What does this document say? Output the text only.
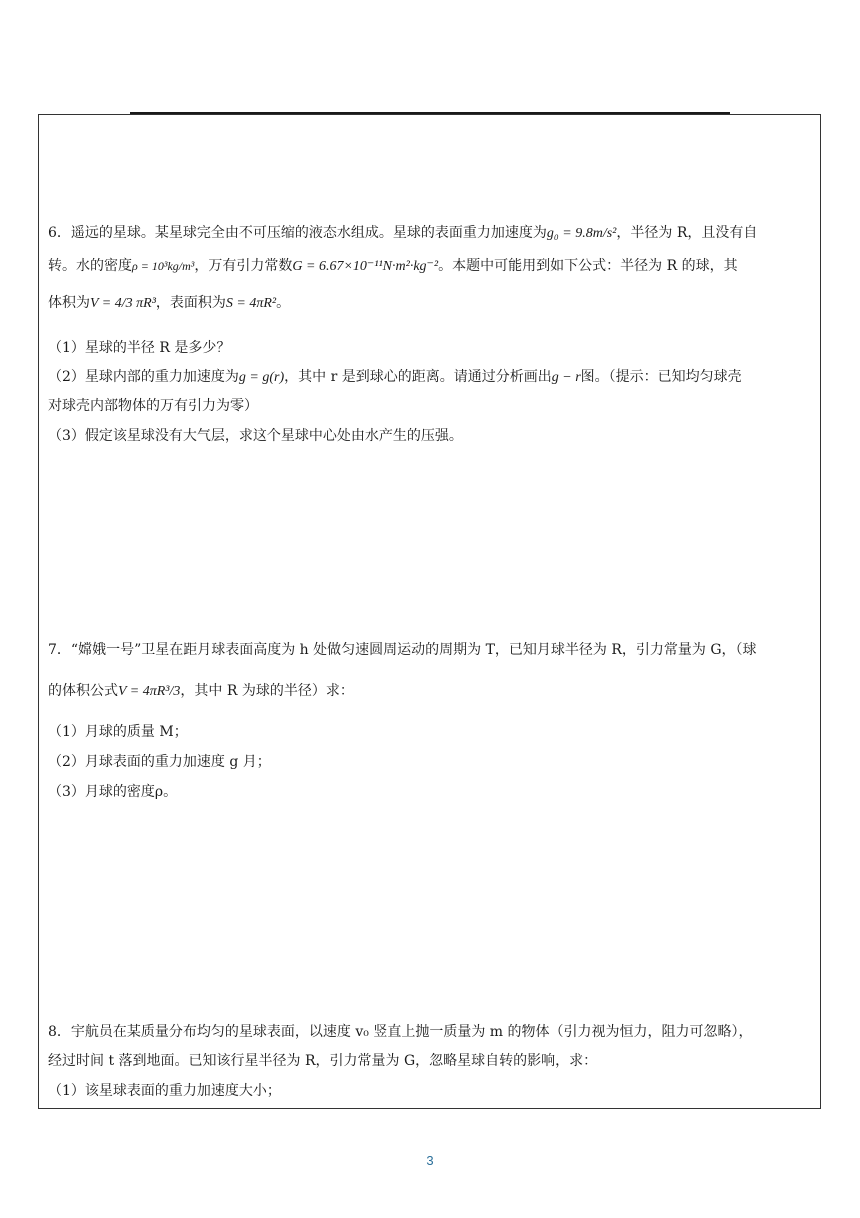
6．遥远的星球。某星球完全由不可压缩的液态水组成。星球的表面重力加速度为g₀ = 9.8m/s²，半径为 R，且没有自
转。水的密度ρ = 10³kg/m³，万有引力常数G = 6.67×10⁻¹¹N·m²·kg⁻²。本题中可能用到如下公式：半径为 R 的球，其
体积为V = 4/3 πR³，表面积为S = 4πR²。
（1）星球的半径 R 是多少？
（2）星球内部的重力加速度为g = g(r)，其中 r 是到球心的距离。请通过分析画出g − r图。（提示：已知均匀球壳
对球壳内部物体的万有引力为零）
（3）假定该星球没有大气层，求这个星球中心处由水产生的压强。
7．“嫦娥一号”卫星在距月球表面高度为 h 处做匀速圆周运动的周期为 T，已知月球半径为 R，引力常量为 G，（球
的体积公式V = 4πR³/3，其中 R 为球的半径）求：
（1）月球的质量 M；
（2）月球表面的重力加速度 g 月；
（3）月球的密度ρ。
8．宇航员在某质量分布均匀的星球表面，以速度 v₀ 竖直上抛一质量为 m 的物体（引力视为恒力，阻力可忽略），
经过时间 t 落到地面。已知该行星半径为 R，引力常量为 G，忽略星球自转的影响，求：
（1）该星球表面的重力加速度大小；
3
